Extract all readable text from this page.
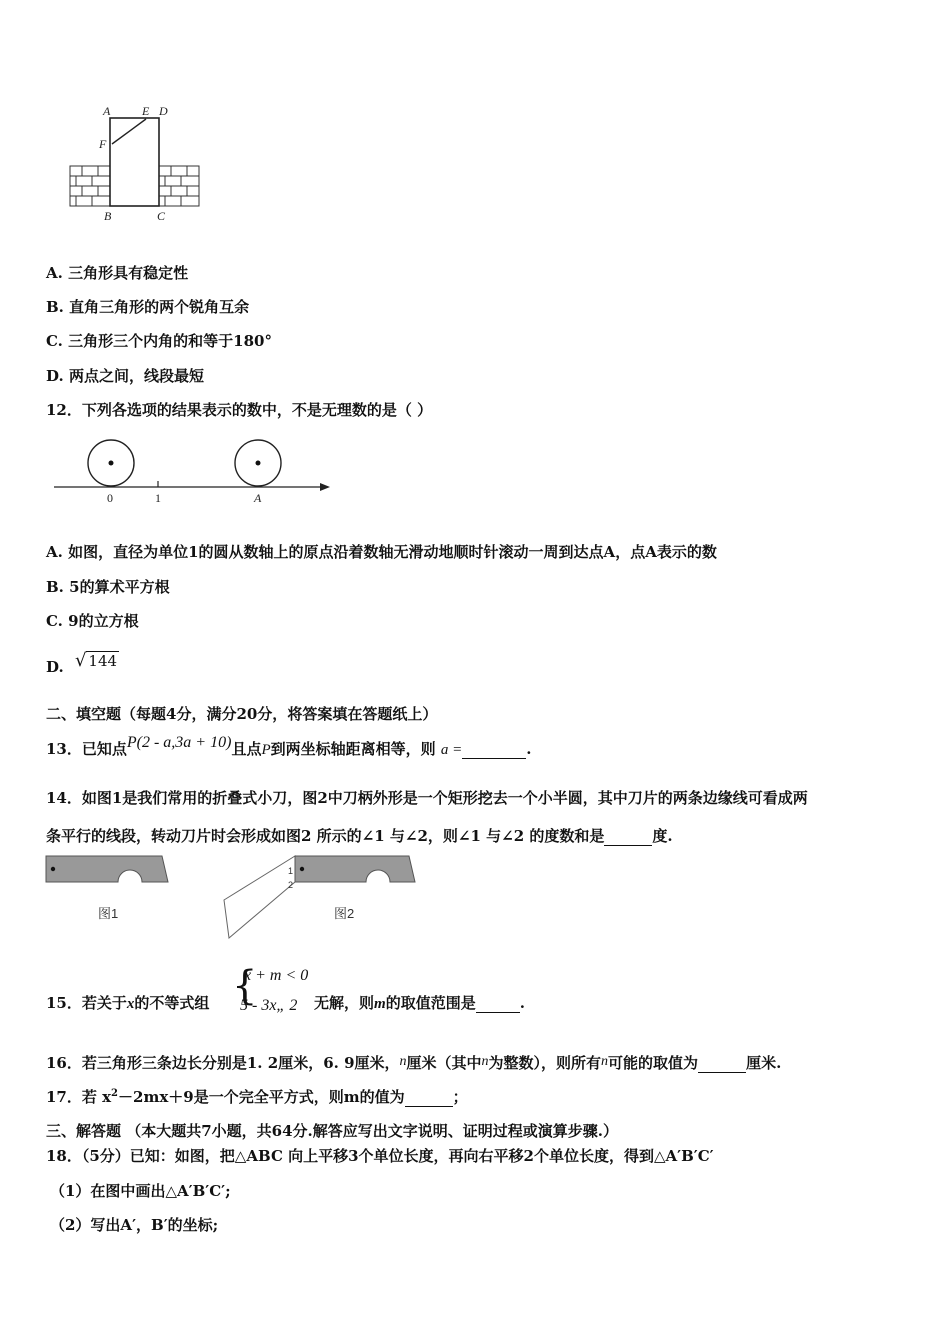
A	E D
F
B	C
A. 三角形具有稳定性
B. 直角三角形的两个锐角互余
C. 三角形三个内角的和等于180°
D. 两点之间，线段最短
12．下列各选项的结果表示的数中，不是无理数的是（ ）
0	1	A
A. 如图，直径为单位1的圆从数轴上的原点沿着数轴无滑动地顺时针滚动一周到达点A，点A表示的数
B. 5的算术平方根
C. 9的立方根
D. √ 144
二、填空题（每题4分，满分20分，将答案填在答题纸上）
13．已知点P(2 - a,3a + 10)且点P到两坐标轴距离相等，则 a =	.
14．如图1是我们常用的折叠式小刀，图2中刀柄外形是一个矩形挖去一个小半圆，其中刀片的两条边缘线可看成两
条平行的线段，转动刀片时会形成如图2 所示的∠1 与∠2，则∠1 与∠2 的度数和是	度.
图1
1
2
图2
{
x + m < 0
5 - 3x„ 2
15．若关于x的不等式组	无解，则m的取值范围是	.
16．若三角形三条边长分别是1. 2厘米，6. 9厘米，n厘米（其中n为整数），则所有n可能的取值为	厘米.
17．若 $x^2-2mx+9$是一个完全平方式，则m的值为	；
三、解答题 （本大题共7小题，共64分.解答应写出文字说明、证明过程或演算步骤.）
18．（5分）已知：如图，把△ABC 向上平移3个单位长度，再向右平移2个单位长度，得到△A′B′C′
（1）在图中画出△A′B′C′;
（2）写出A′，B′的坐标;
